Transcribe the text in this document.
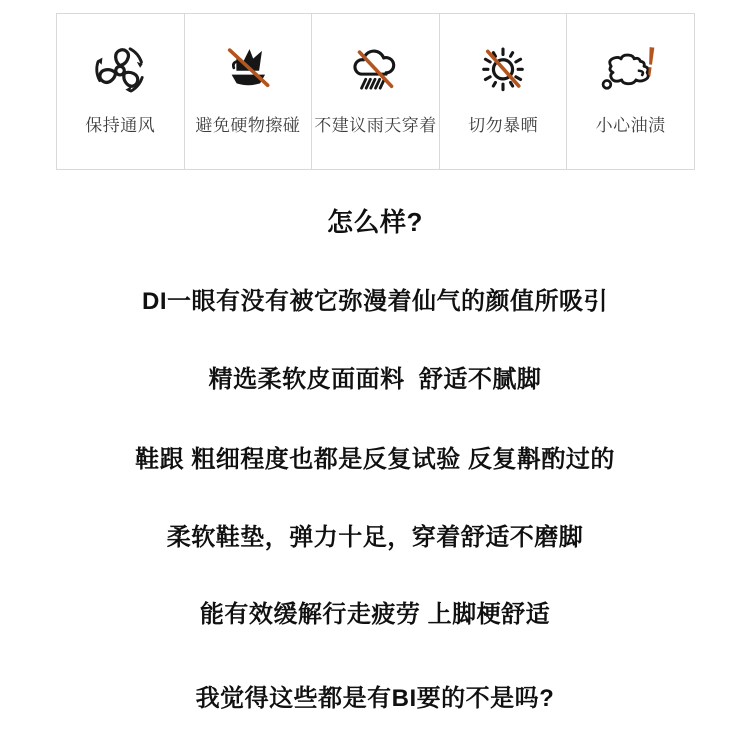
保持通风 避免硬物擦碰 不建议雨天穿着 切勿暴晒	小心油渍
怎么样?
DI一眼有没有被它弥漫着仙气的颜值所吸引
精选柔软皮面面料  舒适不腻脚
鞋跟 粗细程度也都是反复试验 反复斠酌过的
柔软鞋垫，弹力十足，穿着舒适不磨脚
能有效缓解行走疲劳 上脚梗舒适
我觉得这些都是有BI要的不是吗?
